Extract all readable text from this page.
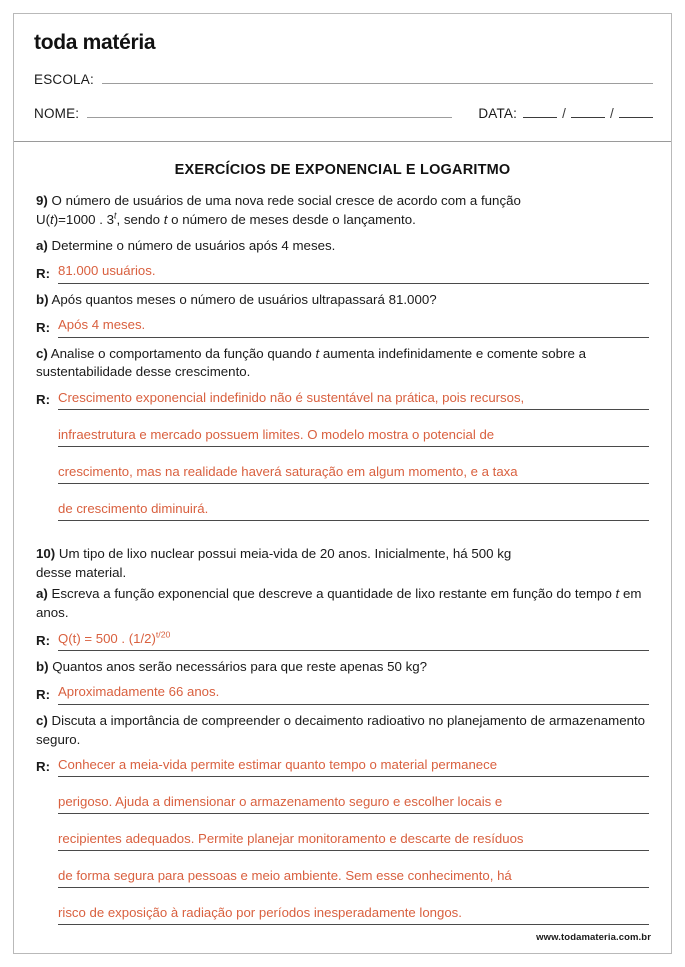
toda matéria
ESCOLA:
NOME:	DATA:	/	/
EXERCÍCIOS DE EXPONENCIAL E LOGARITMO

9) O número de usuários de uma nova rede social cresce de acordo com a função
U(t)=1000 . 3$^t$, sendo t o número de meses desde o lançamento.

a) Determine o número de usuários após 4 meses.

R: 81.000 usuários.

b) Após quantos meses o número de usuários ultrapassará 81.000?

R: Após 4 meses.

c) Analise o comportamento da função quando t aumenta indefinidamente e comente sobre a sustentabilidade desse crescimento.

R: Crescimento exponencial indefinido não é sustentável na prática, pois recursos,

infraestrutura e mercado possuem limites. O modelo mostra o potencial de

crescimento, mas na realidade haverá saturação em algum momento, e a taxa

de crescimento diminuirá.

10) Um tipo de lixo nuclear possui meia-vida de 20 anos. Inicialmente, há 500 kg
desse material.

a) Escreva a função exponencial que descreve a quantidade de lixo restante em função do tempo t em anos.

R: Q(t) = 500 . $(1/2)^{t/20}$

b) Quantos anos serão necessários para que reste apenas 50 kg?

R: Aproximadamente 66 anos.

c) Discuta a importância de compreender o decaimento radioativo no planejamento de armazenamento seguro.

R: Conhecer a meia-vida permite estimar quanto tempo o material permanece

perigoso. Ajuda a dimensionar o armazenamento seguro e escolher locais e

recipientes adequados. Permite planejar monitoramento e descarte de resíduos

de forma segura para pessoas e meio ambiente. Sem esse conhecimento, há

risco de exposição à radiação por períodos inesperadamente longos.
www.todamateria.com.br
